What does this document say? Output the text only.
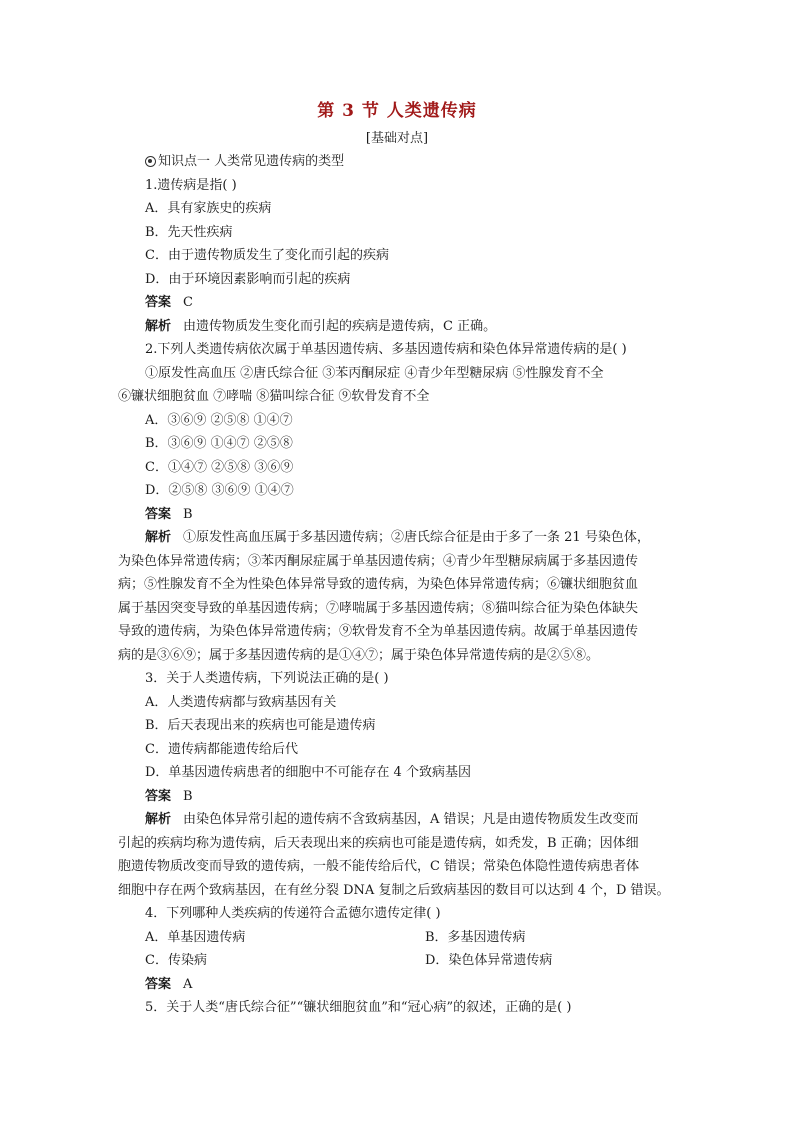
第 3 节 人类遗传病
[基础对点]
知识点一 人类常见遗传病的类型
1.遗传病是指( )
A．具有家族史的疾病
B．先天性疾病
C．由于遗传物质发生了变化而引起的疾病
D．由于环境因素影响而引起的疾病
答案 C
解析 由遗传物质发生变化而引起的疾病是遗传病，C 正确。
2.下列人类遗传病依次属于单基因遗传病、多基因遗传病和染色体异常遗传病的是( )
①原发性高血压 ②唐氏综合征 ③苯丙酮尿症 ④青少年型糖尿病 ⑤性腺发育不全
⑥镰状细胞贫血 ⑦哮喘 ⑧猫叫综合征 ⑨软骨发育不全
A．③⑥⑨ ②⑤⑧ ①④⑦
B．③⑥⑨ ①④⑦ ②⑤⑧
C．①④⑦ ②⑤⑧ ③⑥⑨
D．②⑤⑧ ③⑥⑨ ①④⑦
答案 B
解析 ①原发性高血压属于多基因遗传病；②唐氏综合征是由于多了一条 21 号染色体，
为染色体异常遗传病；③苯丙酮尿症属于单基因遗传病；④青少年型糖尿病属于多基因遗传
病；⑤性腺发育不全为性染色体异常导致的遗传病，为染色体异常遗传病；⑥镰状细胞贫血
属于基因突变导致的单基因遗传病；⑦哮喘属于多基因遗传病；⑧猫叫综合征为染色体缺失
导致的遗传病，为染色体异常遗传病；⑨软骨发育不全为单基因遗传病。故属于单基因遗传
病的是③⑥⑨；属于多基因遗传病的是①④⑦；属于染色体异常遗传病的是②⑤⑧。
3．关于人类遗传病，下列说法正确的是( )
A．人类遗传病都与致病基因有关
B．后天表现出来的疾病也可能是遗传病
C．遗传病都能遗传给后代
D．单基因遗传病患者的细胞中不可能存在 4 个致病基因
答案 B
解析 由染色体异常引起的遗传病不含致病基因，A 错误；凡是由遗传物质发生改变而
引起的疾病均称为遗传病，后天表现出来的疾病也可能是遗传病，如秃发，B 正确；因体细
胞遗传物质改变而导致的遗传病，一般不能传给后代，C 错误；常染色体隐性遗传病患者体
细胞中存在两个致病基因，在有丝分裂 DNA 复制之后致病基因的数目可以达到 4 个，D 错误。
4．下列哪种人类疾病的传递符合孟德尔遗传定律( )
A．单基因遗传病	B．多基因遗传病
C．传染病	D．染色体异常遗传病
答案 A
5．关于人类“唐氏综合征”“镰状细胞贫血”和“冠心病”的叙述，正确的是( )
